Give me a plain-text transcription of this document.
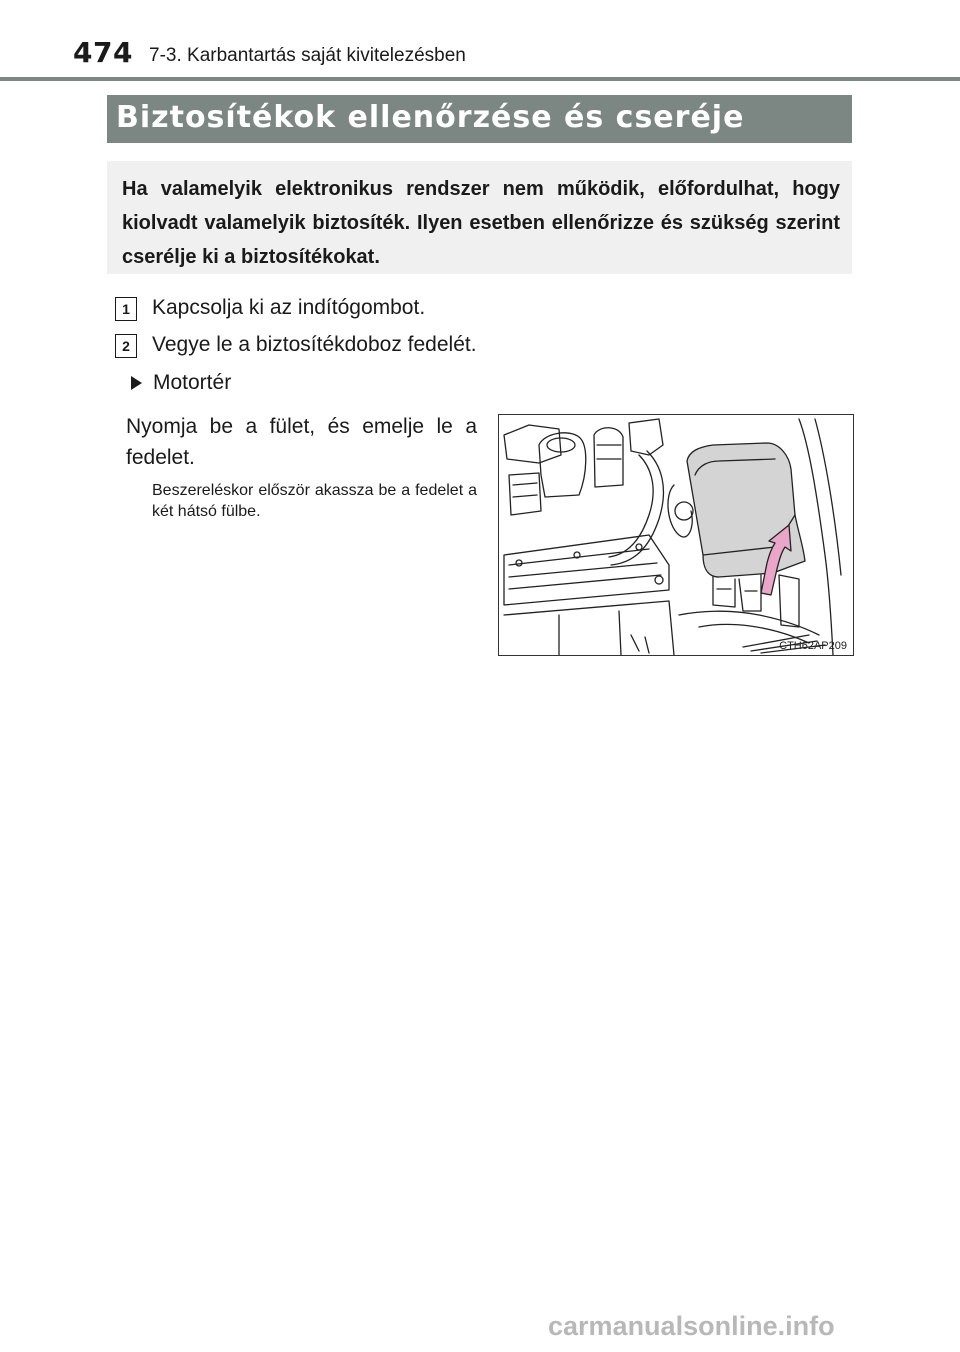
474 7-3. Karbantartás saját kivitelezésben
Biztosítékok ellenőrzése és cseréje
Ha valamelyik elektronikus rendszer nem működik, előfordulhat, hogy kiolvadt valamelyik biztosíték. Ilyen esetben ellenőrizze és szükség szerint cserélje ki a biztosítékokat.
1	Kapcsolja ki az indítógombot.
2	Vegye le a biztosítékdoboz fedelét.
Motortér
Nyomja be a fület, és emelje le a fedelet.
Beszereléskor először akassza be a fedelet a két hátsó fülbe.
CTH62AP209
carmanualsonline.info
